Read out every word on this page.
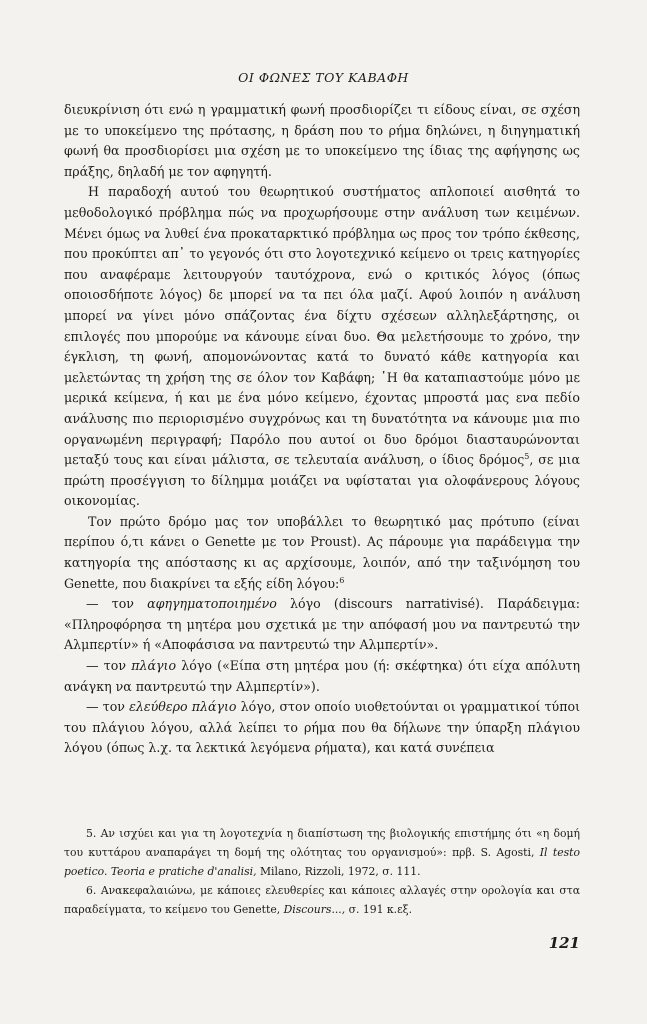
ΟΙ ΦΩΝΕΣ ΤΟΥ ΚΑΒΑΦΗ

διευκρίνιση ότι ενώ η γραμματική φωνή προσδιορίζει τι είδους είναι, σε σχέση με το υποκείμενο της πρότασης, η δράση που το ρήμα δηλώνει, η διηγηματική φωνή θα προσδιορίσει μια σχέση με το υποκείμενο της ίδιας της αφήγησης ως πράξης, δηλαδή με τον αφηγητή.

Η παραδοχή αυτού του θεωρητικού συστήματος απλοποιεί αισθητά το μεθοδολογικό πρόβλημα πώς να προχωρήσουμε στην ανάλυση των κειμένων. Μένει όμως να λυθεί ένα προκαταρκτικό πρόβλημα ως προς τον τρόπο έκθεσης, που προκύπτει απ᾽ το γεγονός ότι στο λογοτεχνικό κείμενο οι τρεις κατηγορίες που αναφέραμε λειτουργούν ταυτόχρονα, ενώ ο κριτικός λόγος (όπως οποιοσδήποτε λόγος) δε μπορεί να τα πει όλα μαζί. Αφού λοιπόν η ανάλυση μπορεί να γίνει μόνο σπάζοντας ένα δίχτυ σχέσεων αλληλεξάρτησης, οι επιλογές που μπορούμε να κάνουμε είναι δυο. Θα μελετήσουμε το χρόνο, την έγκλιση, τη φωνή, απομονώνοντας κατά το δυνατό κάθε κατηγορία και μελετώντας τη χρήση της σε όλον τον Καβάφη; ῾Η θα καταπιαστούμε μόνο με μερικά κείμενα, ή και με ένα μόνο κείμενο, έχοντας μπροστά μας ενα πεδίο ανάλυσης πιο περιορισμένο συγχρόνως και τη δυνατότητα να κάνουμε μια πιο οργανωμένη περιγραφή; Παρόλο που αυτοί οι δυο δρόμοι διασταυρώνονται μεταξύ τους και είναι μάλιστα, σε τελευταία ανάλυση, ο ίδιος δρόμος$^5$, σε μια πρώτη προσέγγιση το δίλημμα μοιάζει να υφίσταται για ολοφάνερους λόγους οικονομίας.

Τον πρώτο δρόμο μας τον υποβάλλει το θεωρητικό μας πρότυπο (είναι περίπου ό,τι κάνει ο Genette με τον Proust). Ας πάρουμε για παράδειγμα την κατηγορία της απόστασης κι ας αρχίσουμε, λοιπόν, από την ταξινόμηση του Genette, που διακρίνει τα εξής είδη λόγου:$^6$

— τον αφηγηματοποιημένο λόγο (discours narrativisé). Παράδειγμα: «Πληροφόρησα τη μητέρα μου σχετικά με την απόφασή μου να παντρευτώ την Αλμπερτίν» ή «Αποφάσισα να παντρευτώ την Αλμπερτίν».

— τον πλάγιο λόγο («Είπα στη μητέρα μου (ή: σκέφτηκα) ότι είχα απόλυτη ανάγκη να παντρευτώ την Αλμπερτίν»).

— τον ελεύθερο πλάγιο λόγο, στον οποίο υιοθετούνται οι γραμματικοί τύποι του πλάγιου λόγου, αλλά λείπει το ρήμα που θα δήλωνε την ύπαρξη πλάγιου λόγου (όπως λ.χ. τα λεκτικά λεγόμενα ρήματα), και κατά συνέπεια

5. Αν ισχύει και για τη λογοτεχνία η διαπίστωση της βιολογικής επιστήμης ότι «η δομή του κυττάρου αναπαράγει τη δομή της ολότητας του οργανισμού»: πρβ. S. Agosti, Il testo poetico. Teoria e pratiche d'analisi, Milano, Rizzoli, 1972, σ. 111.

6. Ανακεφαλαιώνω, με κάποιες ελευθερίες και κάποιες αλλαγές στην ορολογία και στα παραδείγματα, το κείμενο του Genette, Discours..., σ. 191 κ.εξ.

121
